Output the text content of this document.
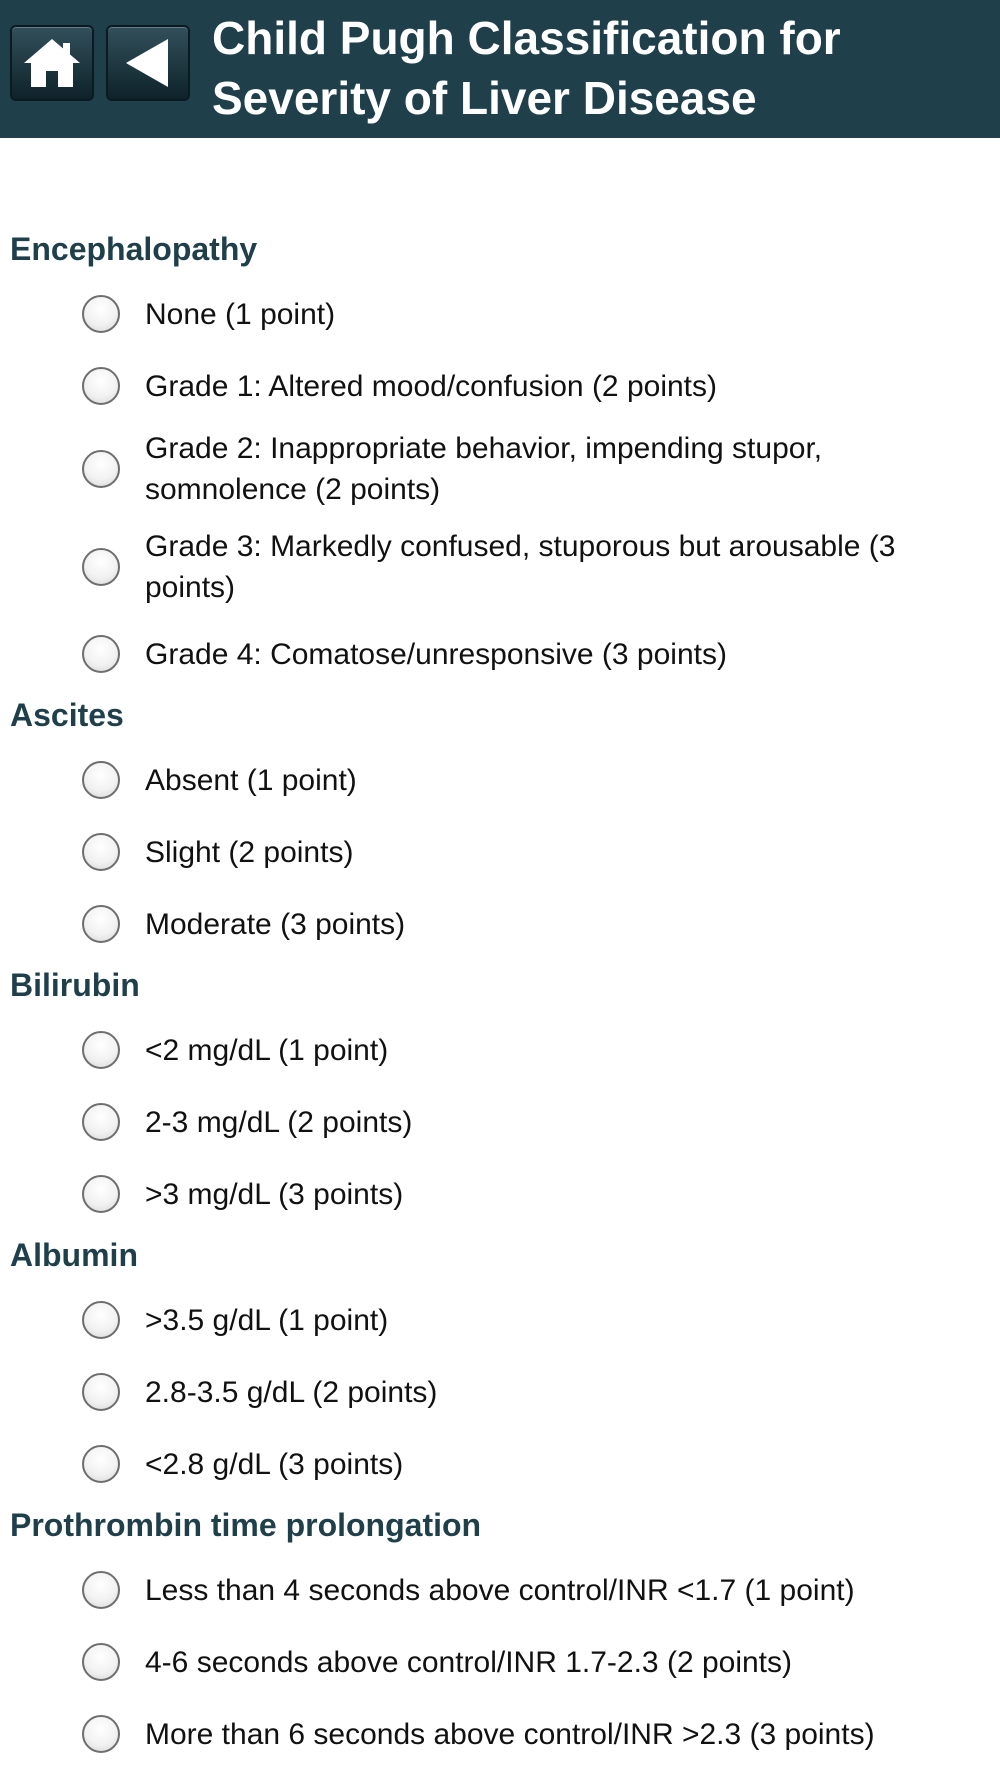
Child Pugh Classification for Severity of Liver Disease
Encephalopathy
None (1 point)
Grade 1: Altered mood/confusion (2 points)
Grade 2: Inappropriate behavior, impending stupor, somnolence (2 points)
Grade 3: Markedly confused, stuporous but arousable (3 points)
Grade 4: Comatose/unresponsive (3 points)
Ascites
Absent (1 point)
Slight (2 points)
Moderate (3 points)
Bilirubin
<2 mg/dL (1 point)
2-3 mg/dL (2 points)
>3 mg/dL (3 points)
Albumin
>3.5 g/dL (1 point)
2.8-3.5 g/dL (2 points)
<2.8 g/dL (3 points)
Prothrombin time prolongation
Less than 4 seconds above control/INR <1.7 (1 point)
4-6 seconds above control/INR 1.7-2.3 (2 points)
More than 6 seconds above control/INR >2.3 (3 points)
